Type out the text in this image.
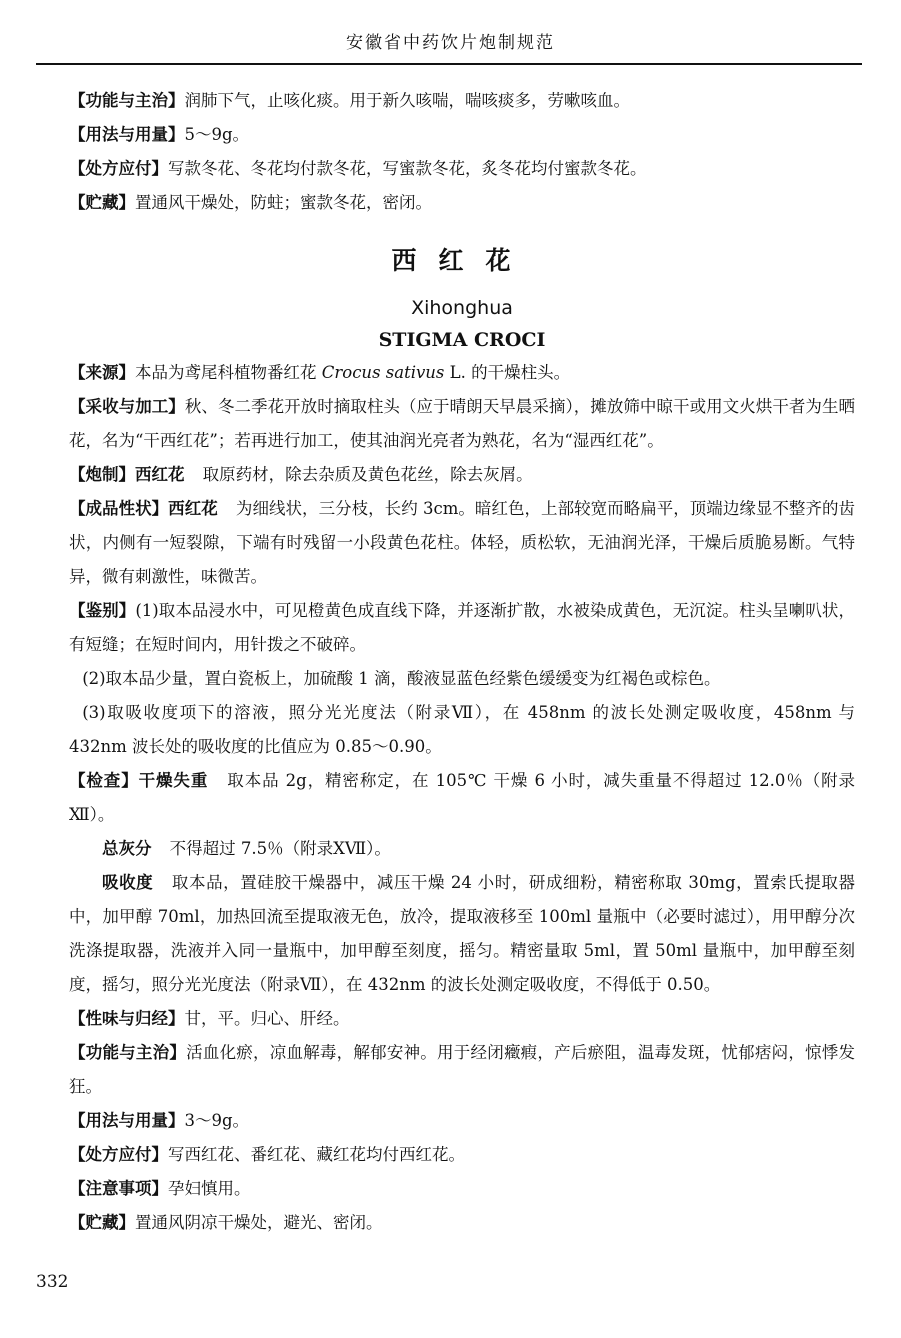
安徽省中药饮片炮制规范

【功能与主治】润肺下气，止咳化痰。用于新久咳喘，喘咳痰多，劳嗽咳血。

【用法与用量】5～9g。

【处方应付】写款冬花、冬花均付款冬花，写蜜款冬花，炙冬花均付蜜款冬花。

【贮藏】置通风干燥处，防蛀；蜜款冬花，密闭。

西红花

Xihonghua

STIGMA CROCI

【来源】本品为鸢尾科植物番红花 Crocus sativus L. 的干燥柱头。

【采收与加工】秋、冬二季花开放时摘取柱头（应于晴朗天早晨采摘），摊放筛中晾干或用文火烘干者为生晒花，名为“干西红花”；若再进行加工，使其油润光亮者为熟花，名为“湿西红花”。

【炮制】西红花 取原药材，除去杂质及黄色花丝，除去灰屑。

【成品性状】西红花 为细线状，三分枝，长约 3cm。暗红色，上部较宽而略扁平，顶端边缘显不整齐的齿状，内侧有一短裂隙，下端有时残留一小段黄色花柱。体轻，质松软，无油润光泽，干燥后质脆易断。气特异，微有刺激性，味微苦。

【鉴别】(1)取本品浸水中，可见橙黄色成直线下降，并逐渐扩散，水被染成黄色，无沉淀。柱头呈喇叭状，有短缝；在短时间内，用针拨之不破碎。

(2)取本品少量，置白瓷板上，加硫酸 1 滴，酸液显蓝色经紫色缓缓变为红褐色或棕色。

(3)取吸收度项下的溶液，照分光光度法（附录Ⅶ），在 458nm 的波长处测定吸收度，458nm 与 432nm 波长处的吸收度的比值应为 0.85～0.90。

【检查】干燥失重 取本品 2g，精密称定，在 105℃ 干燥 6 小时，减失重量不得超过 12.0％（附录Ⅻ）。

总灰分 不得超过 7.5％（附录ⅩⅦ）。

吸收度 取本品，置硅胶干燥器中，减压干燥 24 小时，研成细粉，精密称取 30mg，置索氏提取器中，加甲醇 70ml，加热回流至提取液无色，放冷，提取液移至 100ml 量瓶中（必要时滤过），用甲醇分次洗涤提取器，洗液并入同一量瓶中，加甲醇至刻度，摇匀。精密量取 5ml，置 50ml 量瓶中，加甲醇至刻度，摇匀，照分光光度法（附录Ⅶ），在 432nm 的波长处测定吸收度，不得低于 0.50。

【性味与归经】甘，平。归心、肝经。

【功能与主治】活血化瘀，凉血解毒，解郁安神。用于经闭癥瘕，产后瘀阻，温毒发斑，忧郁痞闷，惊悸发狂。

【用法与用量】3～9g。

【处方应付】写西红花、番红花、藏红花均付西红花。

【注意事项】孕妇慎用。

【贮藏】置通风阴凉干燥处，避光、密闭。

332
